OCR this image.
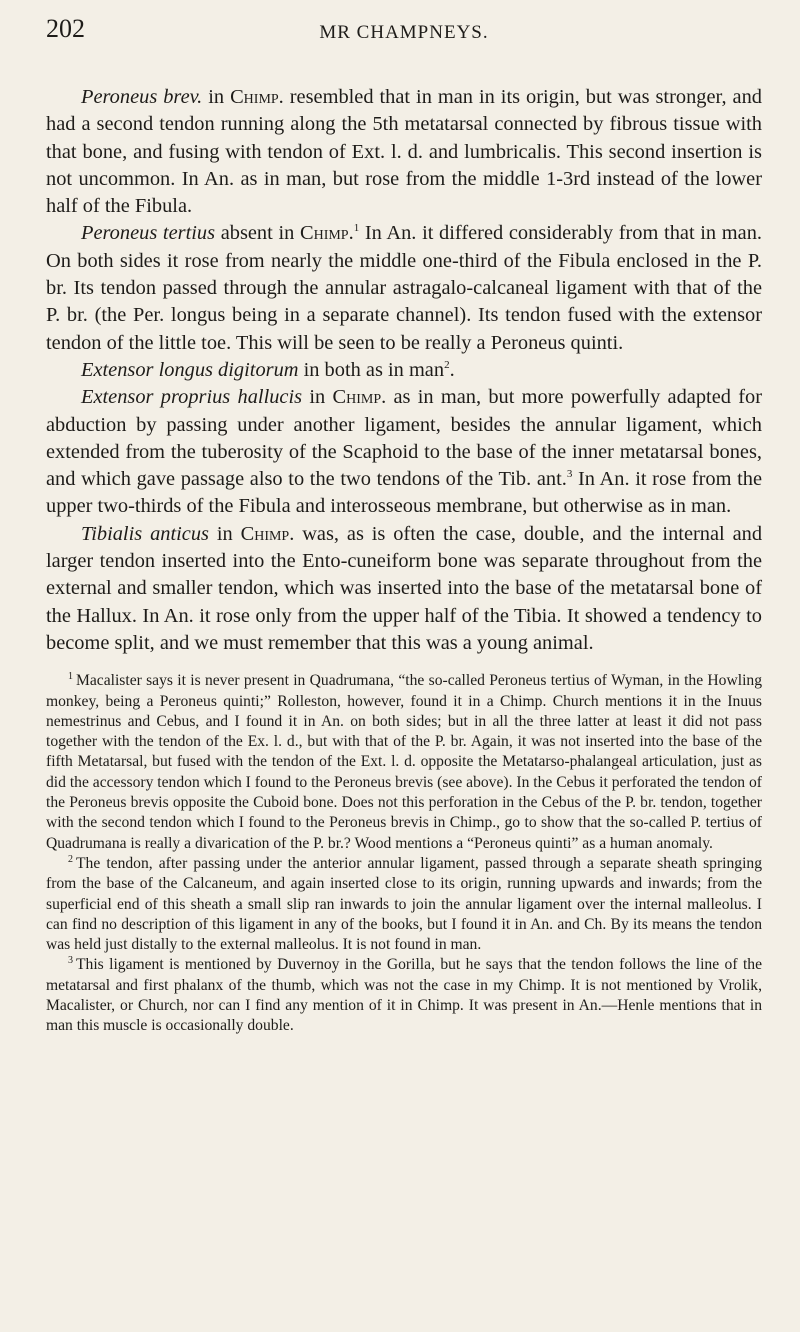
202	MR CHAMPNEYS.

Peroneus brev. in Chimp. resembled that in man in its origin, but was stronger, and had a second tendon running along the 5th metatarsal connected by fibrous tissue with that bone, and fusing with tendon of Ext. l. d. and lumbricalis. This second insertion is not uncommon. In An. as in man, but rose from the middle 1-3rd instead of the lower half of the Fibula.

Peroneus tertius absent in Chimp.$^1$ In An. it differed considerably from that in man. On both sides it rose from nearly the middle one-third of the Fibula enclosed in the P. br. Its tendon passed through the annular astragalo-calcaneal ligament with that of the P. br. (the Per. longus being in a separate channel). Its tendon fused with the extensor tendon of the little toe. This will be seen to be really a Peroneus quinti.

Extensor longus digitorum in both as in man$^2$.

Extensor proprius hallucis in Chimp. as in man, but more powerfully adapted for abduction by passing under another ligament, besides the annular ligament, which extended from the tuberosity of the Scaphoid to the base of the inner metatarsal bones, and which gave passage also to the two tendons of the Tib. ant.$^3$ In An. it rose from the upper two-thirds of the Fibula and interosseous membrane, but otherwise as in man.

Tibialis anticus in Chimp. was, as is often the case, double, and the internal and larger tendon inserted into the Ento-cuneiform bone was separate throughout from the external and smaller tendon, which was inserted into the base of the metatarsal bone of the Hallux. In An. it rose only from the upper half of the Tibia. It showed a tendency to become split, and we must remember that this was a young animal.

$^1$ Macalister says it is never present in Quadrumana, “the so-called Peroneus tertius of Wyman, in the Howling monkey, being a Peroneus quinti;” Rolleston, however, found it in a Chimp. Church mentions it in the Inuus nemestrinus and Cebus, and I found it in An. on both sides; but in all the three latter at least it did not pass together with the tendon of the Ex. l. d., but with that of the P. br. Again, it was not inserted into the base of the fifth Metatarsal, but fused with the tendon of the Ext. l. d. opposite the Metatarso-phalangeal articulation, just as did the accessory tendon which I found to the Peroneus brevis (see above). In the Cebus it perforated the tendon of the Peroneus brevis opposite the Cuboid bone. Does not this perforation in the Cebus of the P. br. tendon, together with the second tendon which I found to the Peroneus brevis in Chimp., go to show that the so-called P. tertius of Quadrumana is really a divarication of the P. br.? Wood mentions a “Peroneus quinti” as a human anomaly.

$^2$ The tendon, after passing under the anterior annular ligament, passed through a separate sheath springing from the base of the Calcaneum, and again inserted close to its origin, running upwards and inwards; from the superficial end of this sheath a small slip ran inwards to join the annular ligament over the internal malleolus. I can find no description of this ligament in any of the books, but I found it in An. and Ch. By its means the tendon was held just distally to the external malleolus. It is not found in man.

$^3$ This ligament is mentioned by Duvernoy in the Gorilla, but he says that the tendon follows the line of the metatarsal and first phalanx of the thumb, which was not the case in my Chimp. It is not mentioned by Vrolik, Macalister, or Church, nor can I find any mention of it in Chimp. It was present in An.—Henle mentions that in man this muscle is occasionally double.
